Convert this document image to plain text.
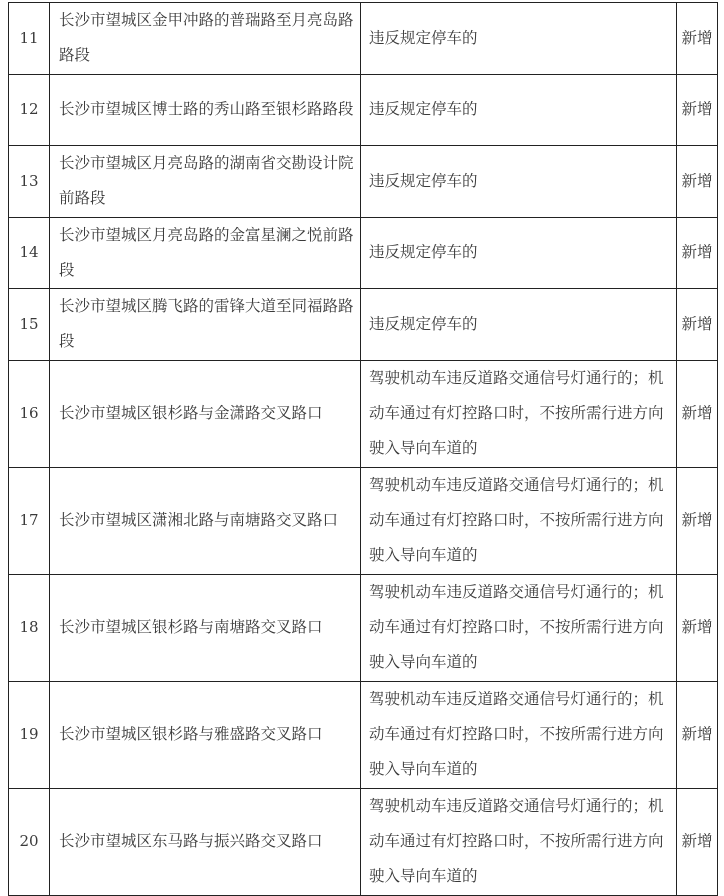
11	长沙市望城区金甲冲路的普瑞路至月亮岛路路段	违反规定停车的	新增
12	长沙市望城区博士路的秀山路至银杉路路段	违反规定停车的	新增
13	长沙市望城区月亮岛路的湖南省交勘设计院前路段	违反规定停车的	新增
14	长沙市望城区月亮岛路的金富星澜之悦前路段	违反规定停车的	新增
15	长沙市望城区腾飞路的雷锋大道至同福路路段	违反规定停车的	新增
16	长沙市望城区银杉路与金潇路交叉路口	驾驶机动车违反道路交通信号灯通行的；机动车通过有灯控路口时，不按所需行进方向驶入导向车道的	新增
17	长沙市望城区潇湘北路与南塘路交叉路口	驾驶机动车违反道路交通信号灯通行的；机动车通过有灯控路口时，不按所需行进方向驶入导向车道的	新增
18	长沙市望城区银杉路与南塘路交叉路口	驾驶机动车违反道路交通信号灯通行的；机动车通过有灯控路口时，不按所需行进方向驶入导向车道的	新增
19	长沙市望城区银杉路与雅盛路交叉路口	驾驶机动车违反道路交通信号灯通行的；机动车通过有灯控路口时，不按所需行进方向驶入导向车道的	新增
20	长沙市望城区东马路与振兴路交叉路口	驾驶机动车违反道路交通信号灯通行的；机动车通过有灯控路口时，不按所需行进方向驶入导向车道的	新增
